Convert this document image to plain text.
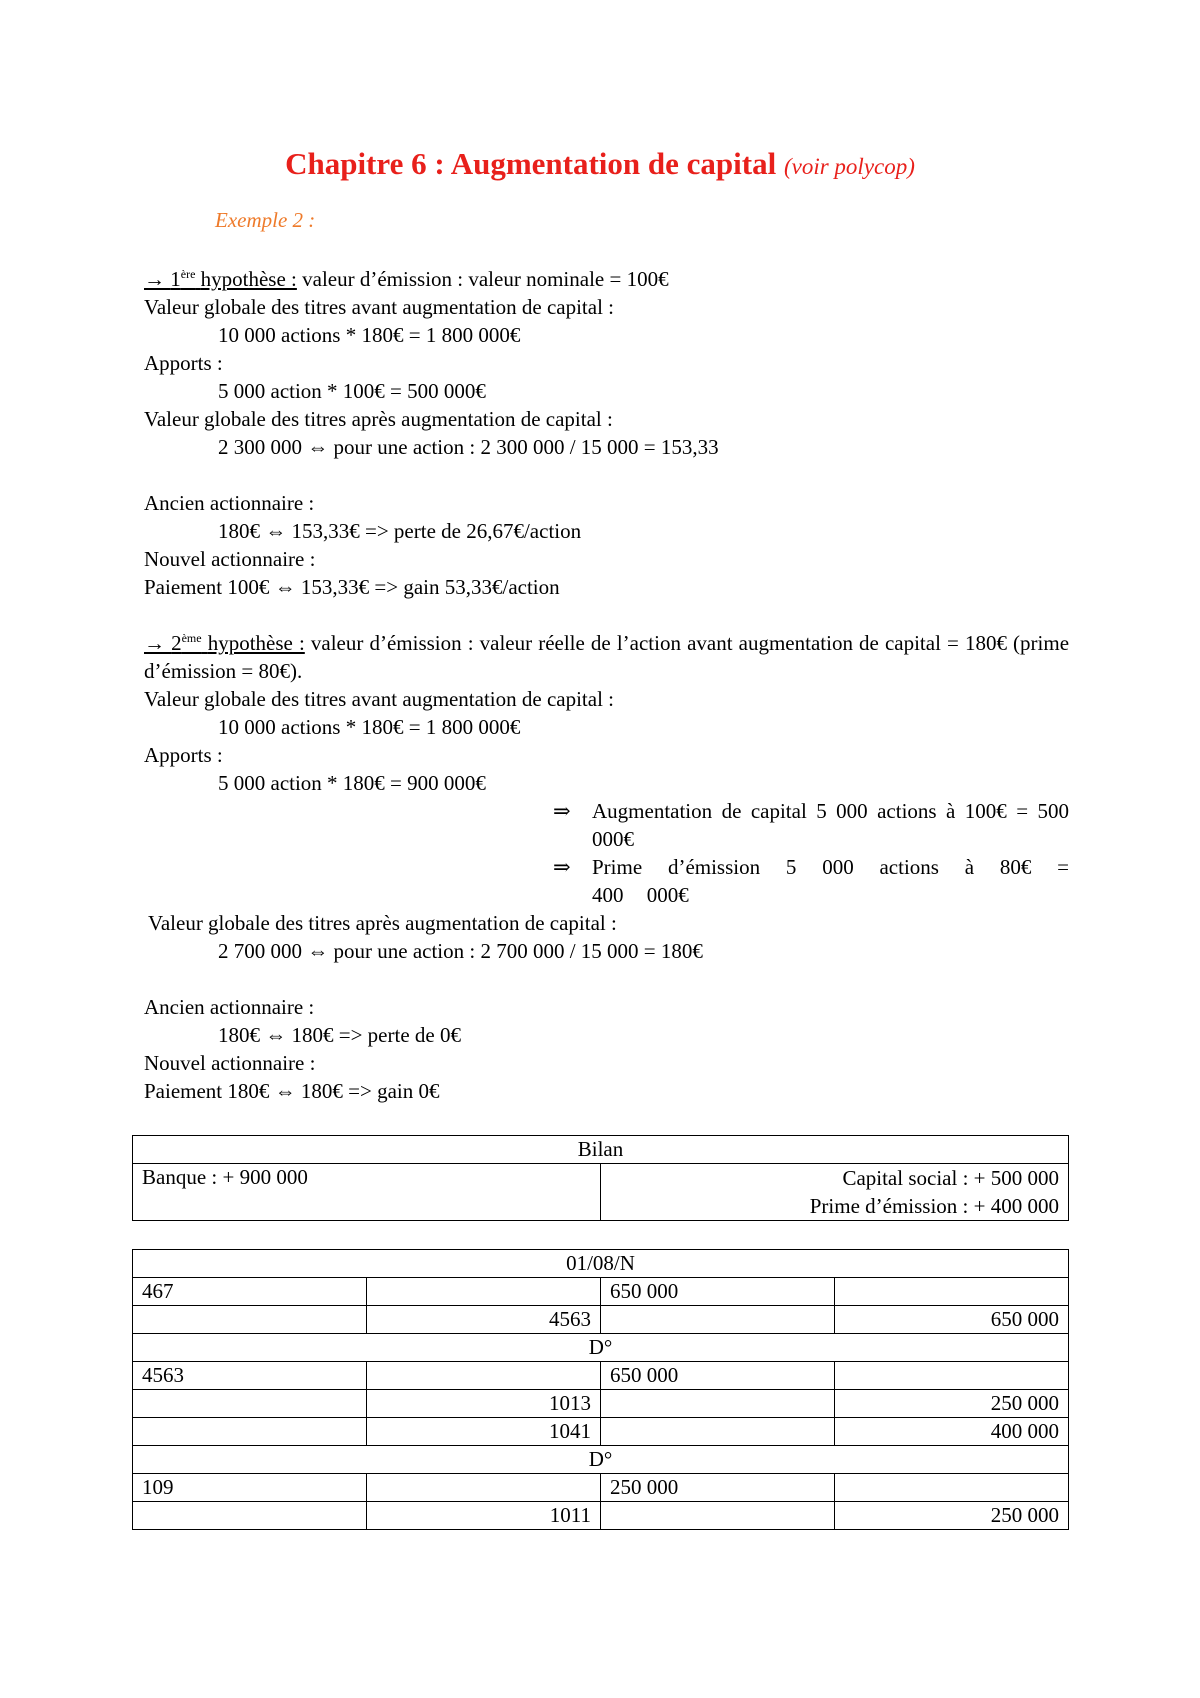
Chapitre 6 : Augmentation de capital (voir polycop)
Exemple 2 :
→ 1ère hypothèse : valeur d’émission : valeur nominale = 100€
Valeur globale des titres avant augmentation de capital :
10 000 actions * 180€ = 1 800 000€
Apports :
5 000 action * 100€ = 500 000€
Valeur globale des titres après augmentation de capital :
2 300 000 ⇔ pour une action : 2 300 000 / 15 000 = 153,33
Ancien actionnaire :
180€ ⇔ 153,33€ => perte de 26,67€/action
Nouvel actionnaire :
Paiement 100€ ⇔ 153,33€ => gain 53,33€/action
→ 2ème hypothèse : valeur d’émission : valeur réelle de l’action avant augmentation de capital = 180€ (prime d’émission = 80€).
Valeur globale des titres avant augmentation de capital :
10 000 actions * 180€ = 1 800 000€
Apports :
5 000 action * 180€ = 900 000€
⇒	Augmentation de capital 5 000 actions à 100€ = 500 000€
⇒	Prime d’émission 5 000 actions à 80€ = 400 000€
Valeur globale des titres après augmentation de capital :
2 700 000 ⇔ pour une action : 2 700 000 / 15 000 = 180€
Ancien actionnaire :
180€ ⇔ 180€ => perte de 0€
Nouvel actionnaire :
Paiement 180€ ⇔ 180€ => gain 0€
Bilan
Banque : + 900 000	Capital social : + 500 000
Prime d’émission : + 400 000
01/08/N			
467		650 000	
	4563		650 000
D°			
4563		650 000	
	1013		250 000
	1041		400 000
D°			
109		250 000	
	1011		250 000
